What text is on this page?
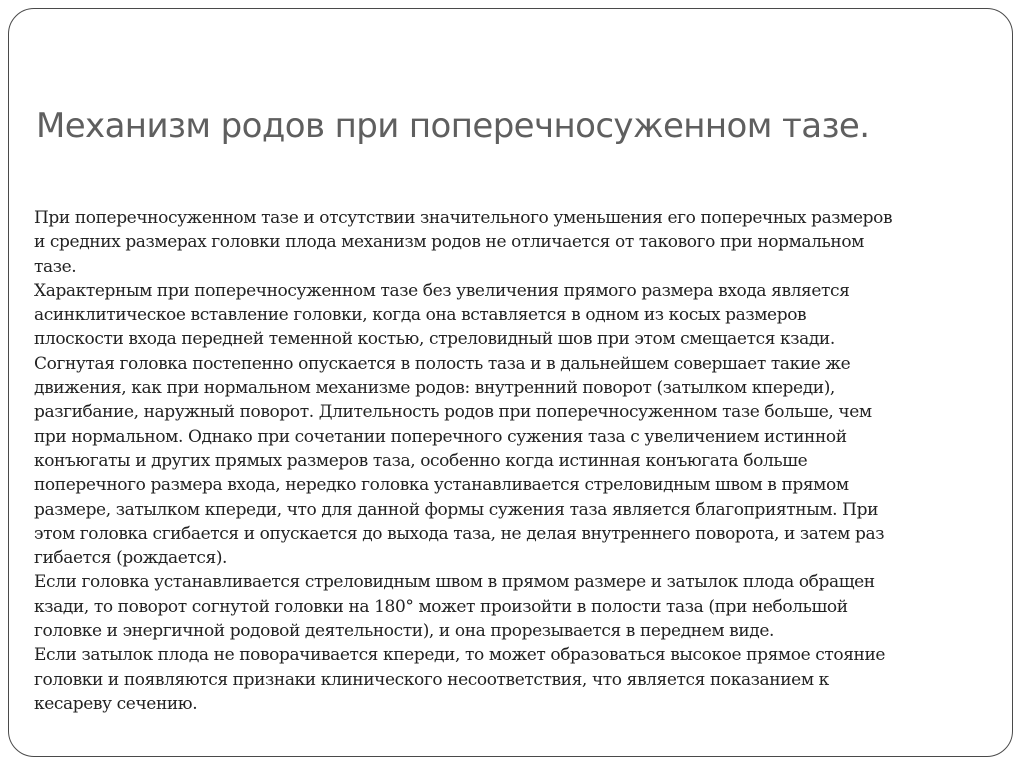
Механизм родов при поперечносуженном тазе.
При поперечносуженном тазе и отсутствии значительного уменьшения его поперечных размеров
и средних размерах головки плода механизм родов не отличается от такового при нормальном
тазе.
Характерным при поперечносуженном тазе без увеличения прямого размера входа является
асинклитическое вставление головки, когда она вставляется в одном из косых размеров
плоскости входа передней теменной костью, стреловидный шов при этом смещается кзади.
Согнутая головка постепенно опускается в полость таза и в дальнейшем совершает такие же
движения, как при нормальном механизме родов: внутренний поворот (затылком кпереди),
разгибание, наружный поворот. Длительность родов при поперечносуженном тазе больше, чем
при нормальном. Однако при сочетании поперечного сужения таза с увеличением истинной
конъюгаты и других прямых размеров таза, особенно когда истинная конъюгата больше
поперечного размера входа, нередко головка устанавливается стреловидным швом в прямом
размере, затылком кпереди, что для данной формы сужения таза является благоприятным. При
этом головка сгибается и опускается до выхода таза, не делая внутреннего поворота, и затем раз
гибается (рождается).
Если головка устанавливается стреловидным швом в прямом размере и затылок плода обращен
кзади, то поворот согнутой головки на 180° может произойти в полости таза (при небольшой
головке и энергичной родовой деятельности), и она прорезывается в переднем виде.
Если затылок плода не поворачивается кпереди, то может образоваться высокое прямое стояние
головки и появляются признаки клинического несоответствия, что является показанием к
кесареву сечению.
